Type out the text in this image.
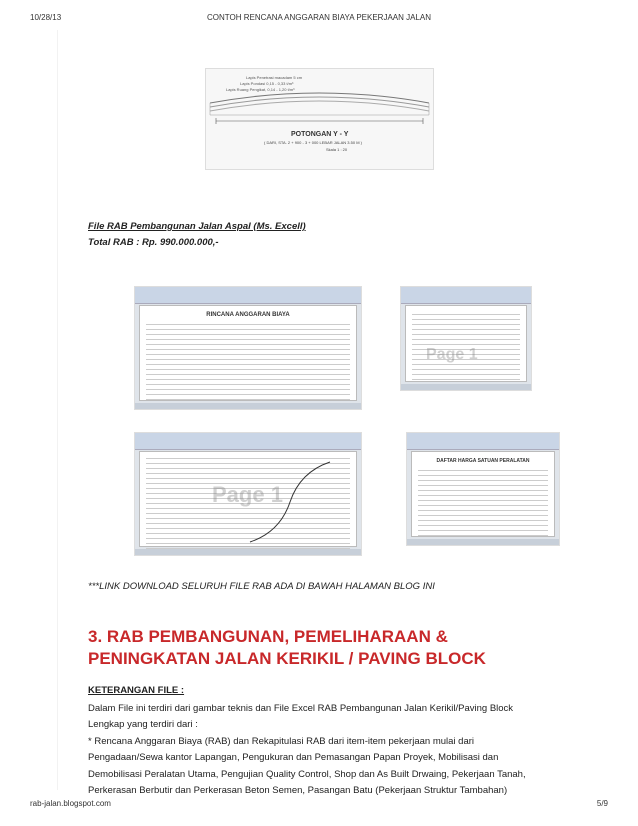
10/28/13	CONTOH RENCANA ANGGARAN BIAYA PEKERJAAN JALAN
Lapis Penetrasi macadam 5 cm
Lapis Pondasi 0,15 - 0,33 t/m³
Lapis Ruang Pengikat, 0,14 - 1,20 t/m³
POTONGAN Y - Y
( DARI, STA. 2 + 900 - 3 + 000 LEBAR JALAN 3.50 M )
Skala 1 : 20
File RAB Pembangunan Jalan Aspal (Ms. Excell)
Total RAB : Rp. 990.000.000,-
RINCANA ANGGARAN BIAYA
Page 1
Page 1
DAFTAR HARGA SATUAN PERALATAN
***LINK DOWNLOAD SELURUH FILE RAB ADA DI BAWAH HALAMAN BLOG INI
3. RAB PEMBANGUNAN, PEMELIHARAAN & PENINGKATAN JALAN KERIKIL / PAVING BLOCK
KETERANGAN FILE :

Dalam File ini terdiri dari gambar teknis dan File Excel RAB Pembangunan Jalan Kerikil/Paving Block Lengkap yang terdiri dari :

* Rencana Anggaran Biaya (RAB) dan Rekapitulasi RAB dari item-item pekerjaan mulai dari Pengadaan/Sewa kantor Lapangan, Pengukuran dan Pemasangan Papan Proyek, Mobilisasi dan Demobilisasi Peralatan Utama, Pengujian Quality Control, Shop dan As Built Drwaing, Pekerjaan Tanah, Perkerasan Berbutir dan Perkerasan Beton Semen, Pasangan Batu (Pekerjaan Struktur Tambahan)

rab-jalan.blogspot.com	5/9
